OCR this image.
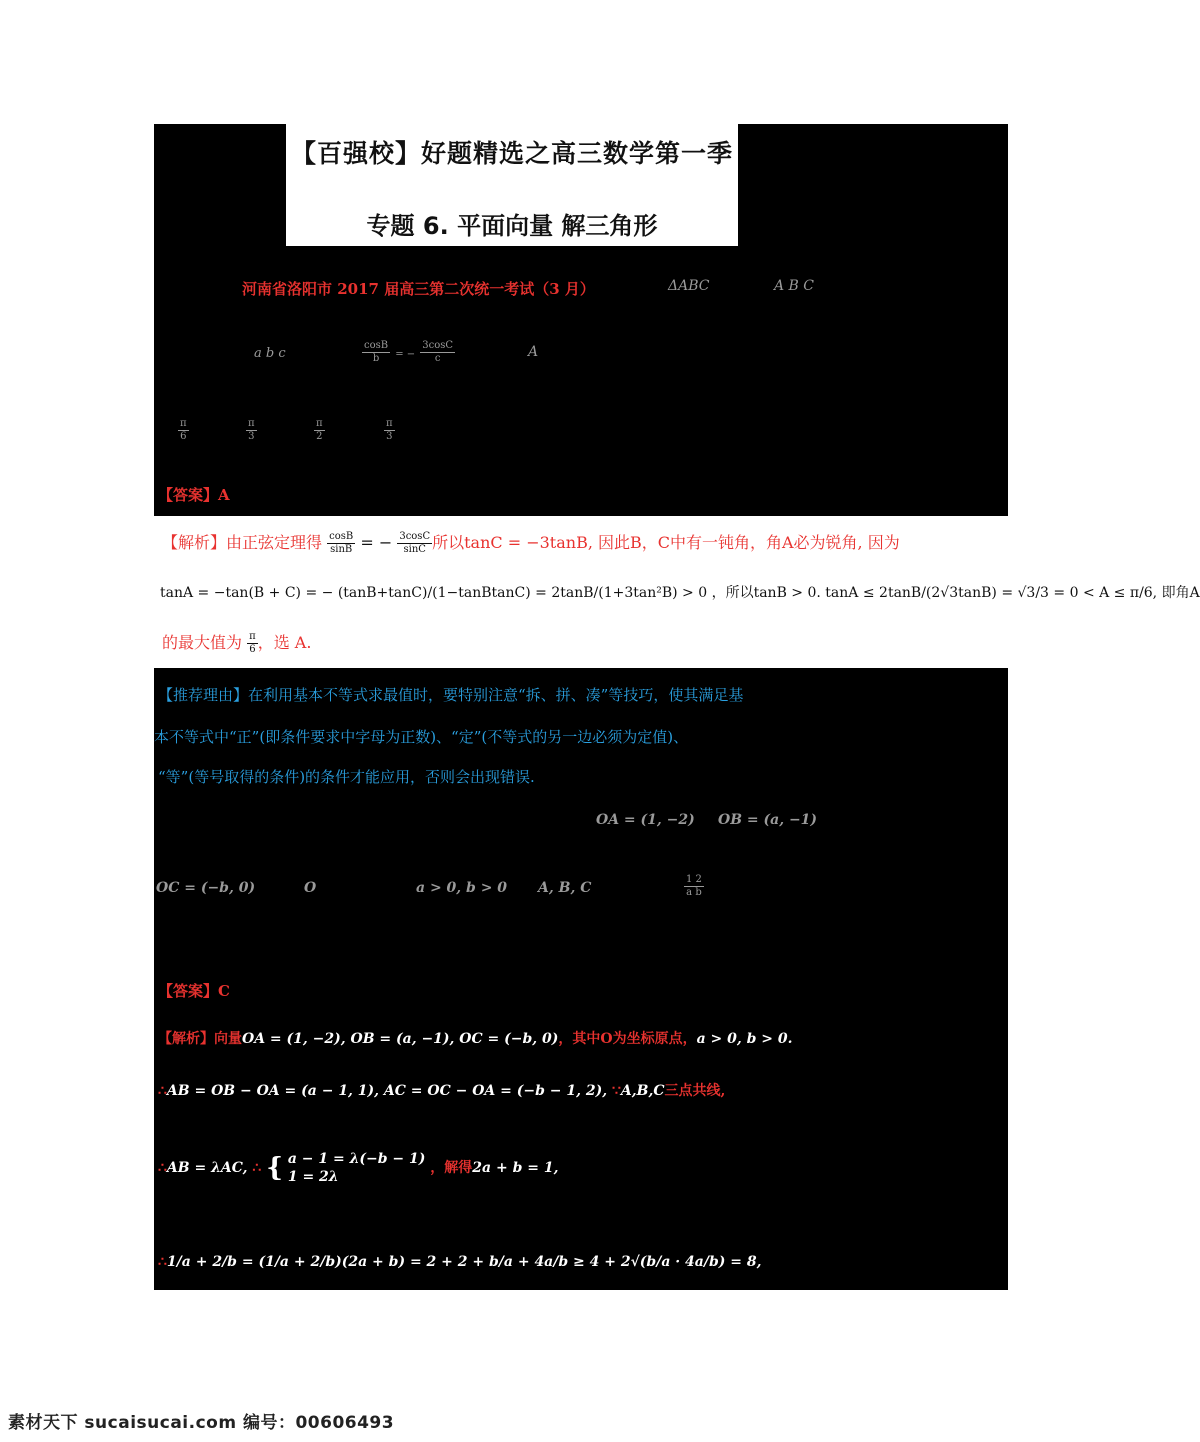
【百强校】好题精选之高三数学第一季
专题 6. 平面向量 解三角形
河南省洛阳市 2017 届高三第二次统一考试（3 月）	ΔABC	A B C
a b c	$\frac{\cos B}{b}$ = − $\frac{3\cos C}{c}$	A
$\frac{\pi}{6}$	$\frac{\pi}{3}$	$\frac{\pi}{2}$	$\frac{\pi}{3}$
【答案】A
【解析】由正弦定理得 $\frac{\cos B}{\sin B}$ = − $\frac{3\cos C}{\sin C}$ 所以tanC = −3tanB, 因此B，C中有一钝角，角A必为锐角, 因为
tanA = −tan(B + C) = − (tanB+tanC)/(1−tanBtanC) = 2tanB/(1+3tan²B) > 0 ，所以tanB > 0. tanA ≤ 2tanB/(2√3tanB) = √3/3 = 0 < A ≤ π/6, 即角A
的最大值为 $\frac{\pi}{6}$ ，选 A.
【推荐理由】在利用基本不等式求最值时，要特别注意“拆、拼、凑”等技巧，使其满足基
本不等式中“正”(即条件要求中字母为正数)、“定”(不等式的另一边必须为定值)、
“等”(等号取得的条件)的条件才能应用，否则会出现错误.
OA = (1, −2) OB = (a, −1)
OC = (−b, 0)	O	a > 0, b > 0 A, B, C	$\frac{1 2}{\text{a b}}$
【答案】C
【解析】向量OA = (1, −2), OB = (a, −1), OC = (−b, 0)，其中O为坐标原点，a > 0, b > 0.
∴AB = OB − OA = (a − 1, 1), AC = OC − OA = (−b − 1, 2), ∵A,B,C三点共线,
∴AB = λAC, ∴ { a − 1 = λ(−b − 1)
1 = 2λ
，解得2a + b = 1,
∴1/a + 2/b = (1/a + 2/b)(2a + b) = 2 + 2 + b/a + 4a/b ≥ 4 + 2√(b/a · 4a/b) = 8,
素材天下 sucaisucai.com 编号：00606493
